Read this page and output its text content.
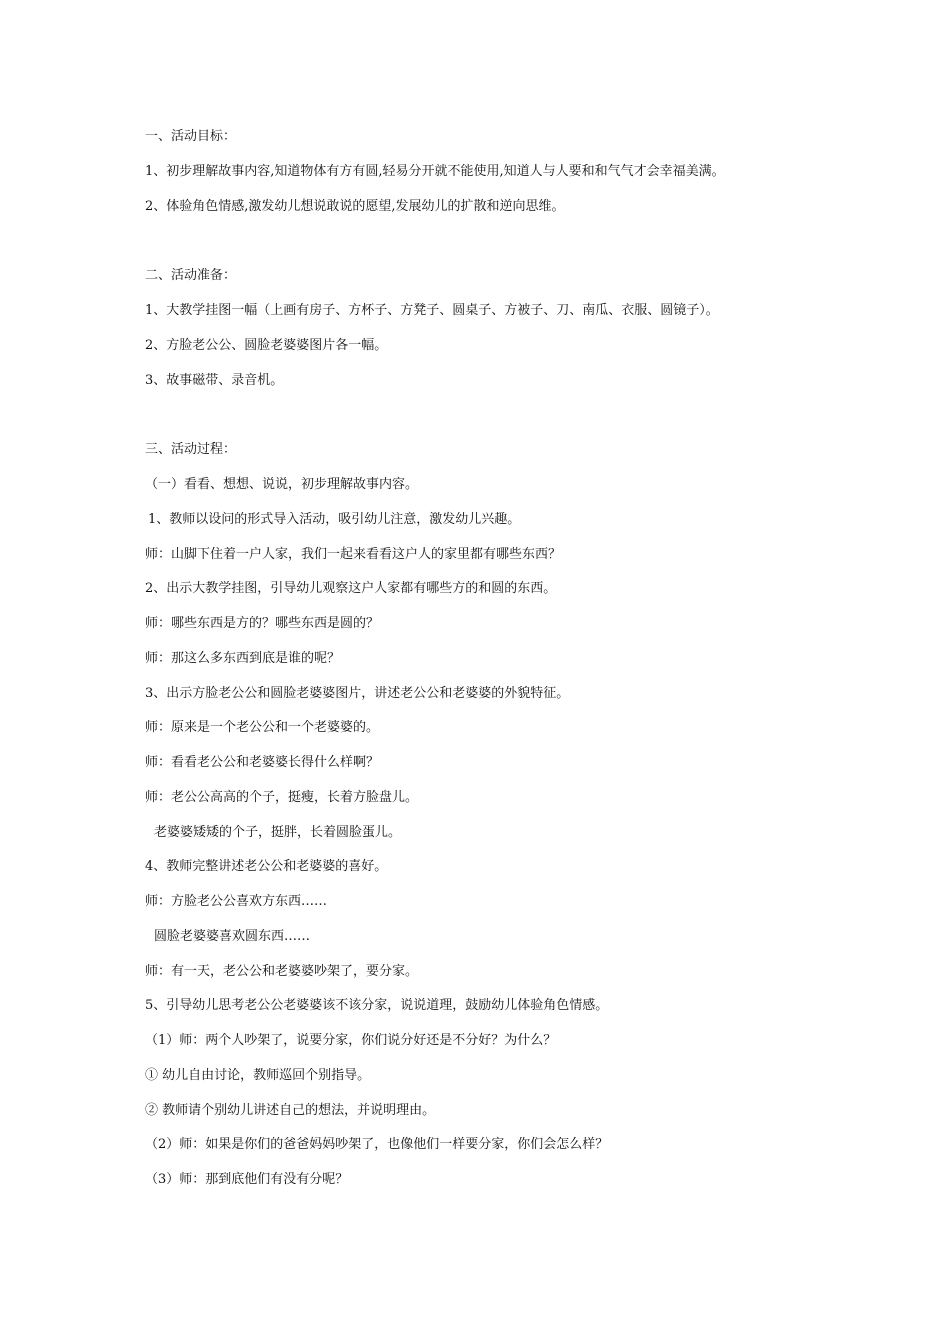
一、活动目标：
1、初步理解故事内容,知道物体有方有圆,轻易分开就不能使用,知道人与人要和和气气才会幸福美满。
2、体验角色情感,激发幼儿想说敢说的愿望,发展幼儿的扩散和逆向思维。
二、活动准备：
1、大教学挂图一幅（上画有房子、方杯子、方凳子、圆桌子、方被子、刀、南瓜、衣服、圆镜子）。
2、方脸老公公、圆脸老婆婆图片各一幅。
3、故事磁带、录音机。
三、活动过程：
（一）看看、想想、说说，初步理解故事内容。
1、教师以设问的形式导入活动，吸引幼儿注意，激发幼儿兴趣。
师：山脚下住着一户人家，我们一起来看看这户人的家里都有哪些东西？
2、出示大教学挂图，引导幼儿观察这户人家都有哪些方的和圆的东西。
师：哪些东西是方的？哪些东西是圆的？
师：那这么多东西到底是谁的呢？
3、出示方脸老公公和圆脸老婆婆图片，讲述老公公和老婆婆的外貌特征。
师：原来是一个老公公和一个老婆婆的。
师：看看老公公和老婆婆长得什么样啊？
师：老公公高高的个子，挺瘦，长着方脸盘儿。
老婆婆矮矮的个子，挺胖，长着圆脸蛋儿。
4、教师完整讲述老公公和老婆婆的喜好。
师：方脸老公公喜欢方东西……
圆脸老婆婆喜欢圆东西……
师：有一天，老公公和老婆婆吵架了，要分家。
5、引导幼儿思考老公公老婆婆该不该分家，说说道理，鼓励幼儿体验角色情感。
（1）师：两个人吵架了，说要分家，你们说分好还是不分好？为什么？
① 幼儿自由讨论，教师巡回个别指导。
② 教师请个别幼儿讲述自己的想法，并说明理由。
（2）师：如果是你们的爸爸妈妈吵架了，也像他们一样要分家，你们会怎么样？
（3）师：那到底他们有没有分呢？
